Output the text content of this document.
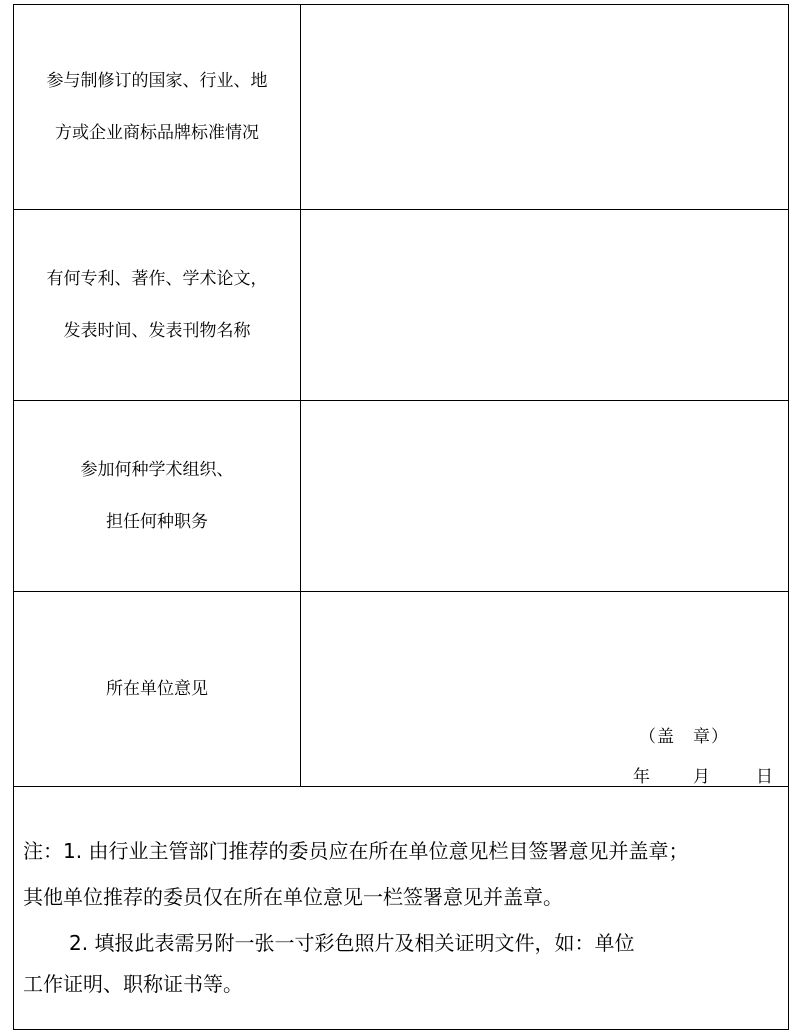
参与制修订的国家、行业、地
方或企业商标品牌标准情况
有何专利、著作、学术论文，
发表时间、发表刊物名称
参加何种学术组织、
担任何种职务
所在单位意见
（盖　章）
年	月	日
注：1. 由行业主管部门推荐的委员应在所在单位意见栏目签署意见并盖章；
其他单位推荐的委员仅在所在单位意见一栏签署意见并盖章。
2. 填报此表需另附一张一寸彩色照片及相关证明文件，如：单位
工作证明、职称证书等。
